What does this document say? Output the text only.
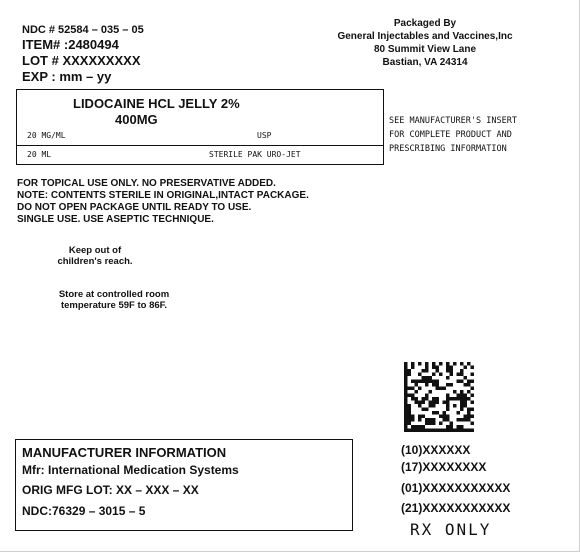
NDC # 52584 – 035 – 05
ITEM# :2480494
LOT # XXXXXXXXX
EXP : mm – yy
Packaged By
General Injectables and Vaccines,Inc
80 Summit View Lane
Bastian, VA 24314
LIDOCAINE HCL JELLY 2%
400MG
20 MG/ML	USP
20 ML	STERILE PAK URO-JET
SEE MANUFACTURER'S INSERT
FOR COMPLETE PRODUCT AND
PRESCRIBING INFORMATION
FOR TOPICAL USE ONLY. NO PRESERVATIVE ADDED.
NOTE: CONTENTS STERILE IN ORIGINAL,INTACT PACKAGE.
DO NOT OPEN PACKAGE UNTIL READY TO USE.
SINGLE USE. USE ASEPTIC TECHNIQUE.
Keep out of
children's reach.
Store at controlled room
temperature 59F to 86F.
MANUFACTURER INFORMATION
Mfr: International Medication Systems
ORIG MFG LOT: XX – XXX – XX
NDC:76329 – 3015 – 5
(10)XXXXXX
(17)XXXXXXXX
(01)XXXXXXXXXXX
(21)XXXXXXXXXXX
RX ONLY
